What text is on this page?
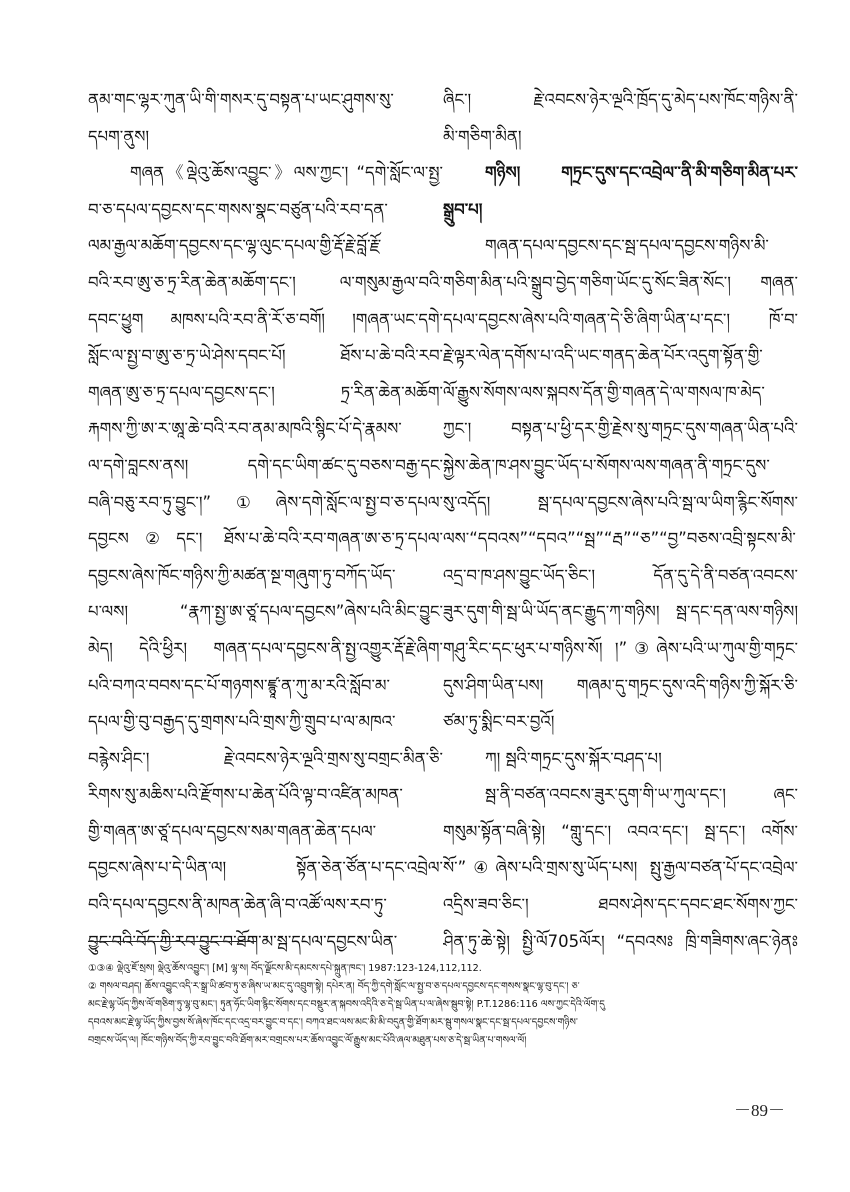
ནམ་གང་ལྷར་ཀུན་ཡི་གི་གསར་དུ་བསྟན་པ་ཡང་ཤུགས་སུ་
དཔག་ནུས།
གཞན《ལྡེའུ་ཆོས་འབྱུང་》ལས་ཀྱང་། “དགེ་སློང་ལ་སྤྱ་
བ་ཅ་དཔལ་དབྱངས་དང་གསས་སྣང་བཙུན་པའི་རབ་དན་
ལམ་རྒྱལ་མཆོག་དབྱངས་དང་ལྷ་ལུང་དཔལ་གྱི་རྡོ་རྗེ་བློ་རྗོ་
བའི་རབ་ཨུ་ཅ་ཏྲ་རིན་ཆེན་མཆོག་དང་། ལ་གསུམ་རྒྱལ་བའི་
དབང་ཕྱུག མཁས་པའི་རབ་ནི་རོ་ཅ་བགོ། །གཞན་ཡང་དགེ་
སློང་ལ་སྤྱ་བ་ཨུ་ཅ་ཏྲ་ཡེ་ཤེས་དབང་པོ། ཐོས་པ་ཆེ་བའི་རབ་
གཞན་ཨུ་ཅ་ཏྲ་དཔལ་དབྱངས་དང་། ཏྲ་རིན་ཆེན་མཆོག་
རྐགས་ཀྱི་ཨ་ར་ཨཱ་ཆེ་བའི་རབ་ནམ་མཁའི་སྙིང་པོ་དེ་རྣམས་
ལ་དགེ་བླངས་ནས། དགེ་དང་ཡིག་ཚང་དུ་བཅས་བརྒྱ་དང་
བཞི་བཅུ་རབ་ཏུ་བྱུང་།”①ཞེས་དགེ་སློང་ལ་སྤྱ་བ་ཅ་དཔལ་
དབྱངས②དང་། ཐོས་པ་ཆེ་བའི་རབ་གཞན་ཨ་ཅ་ཏྲ་དཔལ་
དབྱངས་ཞེས་ཁོང་གཉིས་ཀྱི་མཚན་སྔ་གཞུག་ཏུ་བཀོད་ཡོད་
པ་ལས། “རྣཀ་སྤྱ་ཨ་ཙཱ་དཔལ་དབྱངས”ཞེས་པའི་མིང་བྱུང་
མེད། དེའི་ཕྱིར། གཞན་དཔལ་དབྱངས་ནི་སྤྱ་འགྱུར་རྡོ་རྗེ་ཞིག་
པའི་བཀའ་བབས་དང་པོ་གཉགས་ཛྙཱ་ན་ཀུ་མ་རའི་སློབ་མ་
དཔལ་གྱི་བུ་བརྒྱད་དུ་གྲགས་པའི་གྲས་ཀྱི་གྲུབ་པ་ལ་མཁའ་
བརྙེས་ཤིང་། རྗེ་འབངས་ཉེར་ལྔའི་གྲས་སུ་བགྲང་མིན་ཅི་
རིགས་སུ་མཆིས་པའི་རྫོགས་པ་ཆེན་པོའི་ལྟ་བ་འཛིན་མཁན་
གྱི་གཞན་ཨ་ཙཱ་དཔལ་དབྱངས་སམ་གཞན་ཆེན་དཔལ་
དབྱངས་ཞེས་པ་དེ་ཡིན་ལ། སྟོན་ཅེན་ཙོན་པ་དང་འབྲེལ་
བའི་དཔལ་དབྱངས་ནི་མཁན་ཆེན་ཞི་བ་འཚོ་ལས་རབ་ཏུ་
བྱུང་བའི་བོད་ཀྱི་རབ་བྱུང་བ་ཐོག་མ་སྦ་དཔལ་དབྱངས་ཡིན་
ཞིང་། རྗེ་འབངས་ཉེར་ལྔའི་ཁྲོད་དུ་མེད་པས་ཁོང་གཉིས་ནི་
མི་གཅིག་མིན།
གཉིས། གཏྲང་དུས་དང་འབྲེལ་་ནི་མི་གཅིག་མིན་པར་
སྒྲུབ་པ།
གཞན་དཔལ་དབྱངས་དང་སྦ་དཔལ་དབྱངས་གཉིས་མི་
གཅིག་མིན་པའི་སྒྲུབ་བྱེད་གཅིག་ཡོང་དུ་སོང་ཟིན་སོང་། གཞན་
དཔལ་དབྱངས་ཞེས་པའི་གཞན་དེ་ཅི་ཞིག་ཡིན་པ་དང་། ཁོ་བ་
རྗེ་ལྟར་ལེན་དགོས་པ་འདི་ཡང་གནད་ཆེན་པོར་འདུག་སྟོན་གྱི་
ལོ་རྒྱུས་སོགས་ལས་སྐབས་དོན་གྱི་གཞན་དེ་ལ་གསལ་ཁ་མེད་
ཀྱང་། བསྟན་པ་ཕྱི་དར་གྱི་རྗེས་སུ་གཏྲང་དུས་གཞན་ཡིན་པའི་
སྐྱེས་ཆེན་ཁ་ཤས་བྱུང་ཡོད་པ་སོགས་ལས་གཞན་ནི་གཏྲང་དུས་
སུ་འདོད། སྦ་དཔལ་དབྱངས་ཞེས་པའི་སྦ་ལ་ཡིག་རྙིང་སོགས་
ལས་“དབའས”“དབའ”“སྦ”“རྦ”“ཅ”“བྱ”བཅས་འབྲི་སྟངས་མི་
འདྲ་བ་ཁ་ཤས་བྱུང་ཡོད་ཅིང་། དོན་དུ་དེ་ནི་བཙན་འབངས་
ཟུར་དུག་གི་སྦ་ཡི་ཡོད་ནང་རྒྱུད་ཀ་གཉིས། སྦ་དང་དན་ལས་གཉིས།
གཤུ་རིང་དང་ཕུར་པ་གཉིས་སོ། །”③ཞེས་པའི་ཡ་ཀུལ་གྱི་གཏྲང་
དུས་ཤིག་ཡིན་པས། གཞམ་དུ་གཏྲང་དུས་འདི་གཉིས་ཀྱི་སྐོར་ཅི་
ཙམ་ཏུ་སྨིང་བར་བྱའོ།
ཀ། སྦའི་གཏྲང་དུས་སྐོར་བཤད་པ།
སྦ་ནི་བཙན་འབངས་ཟུར་དུག་གི་ཡ་ཀུལ་དང་། ཞང་
གསུམ་སྟོན་བཞི་སྟེ། “གླུ་དང་། འབའ་དང་། སྦ་དང་། འགོས་
སོ་”④ཞེས་པའི་གྲས་སུ་ཡོད་པས། སྤུ་རྒྱལ་བཙན་པོ་དང་འབྲེལ་
འདྲིས་ཟབ་ཅིང་། ཐབས་ཤེས་དང་དབང་ཐང་སོགས་ཀྱང་
ཤིན་ཏུ་ཆེ་སྟེ། སྤྱི་ལོ705ལོར། “དབའསཿ ཁྲི་གཟིགས་ཞང་ཉེནཿ
①③④ ལྡེའུ་ཇོ་སྲས། ལྡེའུ་ཆོས་འབྱུང་། [M] ལྷ་ས། བོད་ལྗོངས་མི་དམངས་དཔེ་སྐྲུན་ཁང་། 1987:123-124,112,112.
② གསལ་བཤད། ཆོས་འབྱུང་འདི་ར་སྒྲ་ཡི་ཚབ་ཏུ་ཅ་ཞིས་ཡ་མང་དུ་འབྲུག་སྟེ། དཔེར་ན། བོད་ཀྱི་དགེ་སློང་ལ་སྤྱ་བ་ཅ་དཔལ་དབྱངས་དང་གསས་སྣང་ལྷ་བུ་དང་། ཅ་
མང་རྗེ་ལྷ་ཡོད་ཀྱིས་ལོ་གཅིག་ཏུ་ལྷ་བུ་མང་། ཏུན་ཧོང་ཡིག་རྙིང་སོགས་དང་བསྡུར་ན་སྐབས་འདིའི་ཅ་དེ་སྦ་ཡིན་པ་ལ་ཞེས་སྦུབ་སྟེ། P.T.1286:116 ལས་ཀྱང་དེའི་ལོག་དུ
དབའས་མང་རྗེ་ལྷ་ཡོད་ཀྱིས་བྱས་སོ་ཞེས་ཁོང་དང་འདྲ་བར་བྱུང་བ་དང་། བཀའ་ཐང་ལས་མང་མི་མི་བདུན་གྱི་ཐོག་མར་སྦུ་གསལ་སྣང་དང་སྦ་དཔལ་དབྱངས་གཉིས་
བགྲངས་ཡོད་ལ། ཁོང་གཉིས་བོད་ཀྱི་རབ་བྱུང་བའི་ཐོག་མར་བགྲངས་པར་ཆོས་འབྱུང་ལོ་རྒྱུས་མང་པོའི་ཞལ་མཐུན་པས་ཅ་དེ་སྦ་ཡིན་པ་གསལ་ལོ།
－89－
